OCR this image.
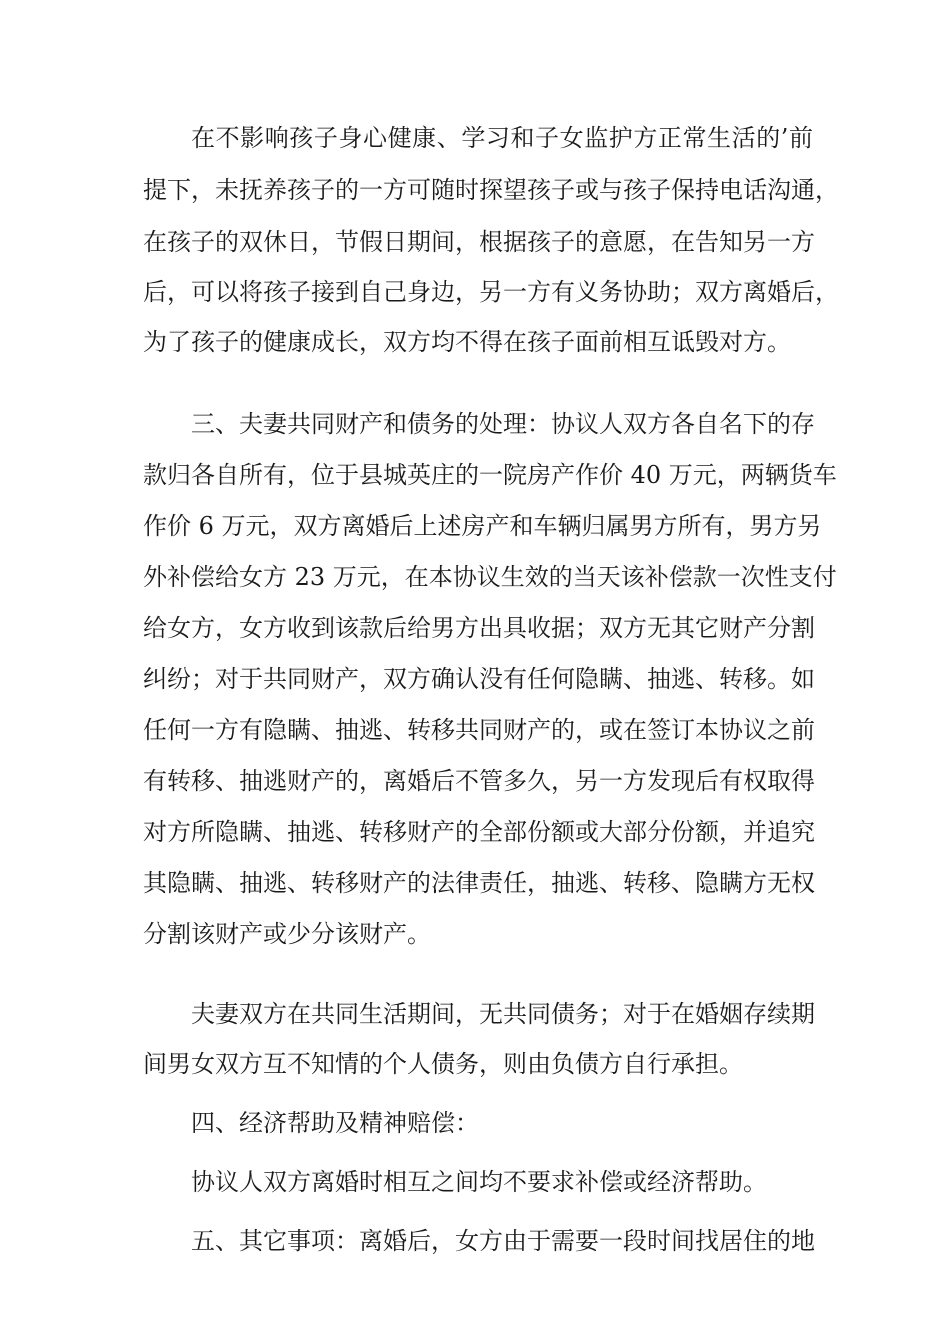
在不影响孩子身心健康、学习和子女监护方正常生活的’前
提下，未抚养孩子的一方可随时探望孩子或与孩子保持电话沟通，
在孩子的双休日，节假日期间，根据孩子的意愿，在告知另一方
后，可以将孩子接到自己身边，另一方有义务协助；双方离婚后，
为了孩子的健康成长，双方均不得在孩子面前相互诋毁对方。
三、夫妻共同财产和债务的处理：协议人双方各自名下的存
款归各自所有，位于县城英庄的一院房产作价 40 万元，两辆货车
作价 6 万元，双方离婚后上述房产和车辆归属男方所有，男方另
外补偿给女方 23 万元，在本协议生效的当天该补偿款一次性支付
给女方，女方收到该款后给男方出具收据；双方无其它财产分割
纠纷；对于共同财产，双方确认没有任何隐瞒、抽逃、转移。如
任何一方有隐瞒、抽逃、转移共同财产的，或在签订本协议之前
有转移、抽逃财产的，离婚后不管多久，另一方发现后有权取得
对方所隐瞒、抽逃、转移财产的全部份额或大部分份额，并追究
其隐瞒、抽逃、转移财产的法律责任，抽逃、转移、隐瞒方无权
分割该财产或少分该财产。
夫妻双方在共同生活期间，无共同债务；对于在婚姻存续期
间男女双方互不知情的个人债务，则由负债方自行承担。
四、经济帮助及精神赔偿：
协议人双方离婚时相互之间均不要求补偿或经济帮助。
五、其它事项：离婚后，女方由于需要一段时间找居住的地
